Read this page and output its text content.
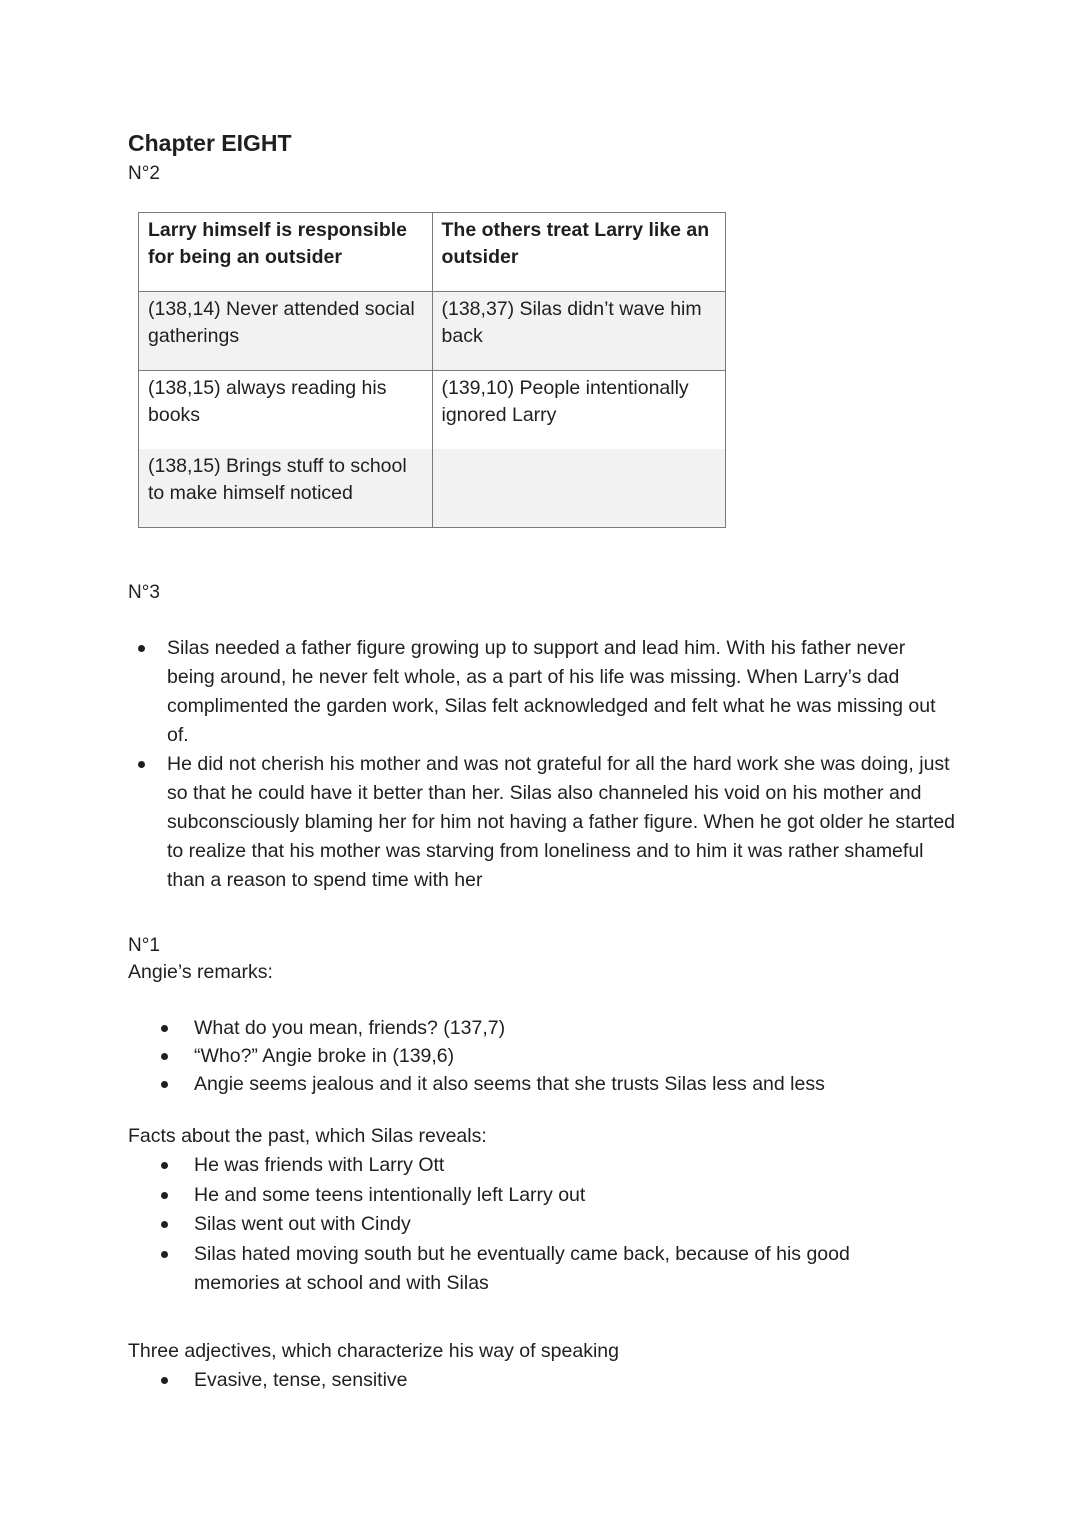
Chapter EIGHT
N°2
Larry himself is responsible for being an outsider	The others treat Larry like an outsider
(138,14) Never attended social gatherings	(138,37) Silas didn’t wave him back
(138,15) always reading his books	(139,10) People intentionally ignored Larry
(138,15) Brings stuff to school to make himself noticed	
N°3
Silas needed a father figure growing up to support and lead him. With his father never being around, he never felt whole, as a part of his life was missing. When Larry’s dad complimented the garden work, Silas felt acknowledged and felt what he was missing out of.
He did not cherish his mother and was not grateful for all the hard work she was doing, just so that he could have it better than her. Silas also channeled his void on his mother and subconsciously blaming her for him not having a father figure. When he got older he started to realize that his mother was starving from loneliness and to him it was rather shameful than a reason to spend time with her
N°1
Angie’s remarks:
What do you mean, friends? (137,7)
“Who?” Angie broke in (139,6)
Angie seems jealous and it also seems that she trusts Silas less and less
Facts about the past, which Silas reveals:
He was friends with Larry Ott
He and some teens intentionally left Larry out
Silas went out with Cindy
Silas hated moving south but he eventually came back, because of his good memories at school and with Silas
Three adjectives, which characterize his way of speaking
Evasive, tense, sensitive
